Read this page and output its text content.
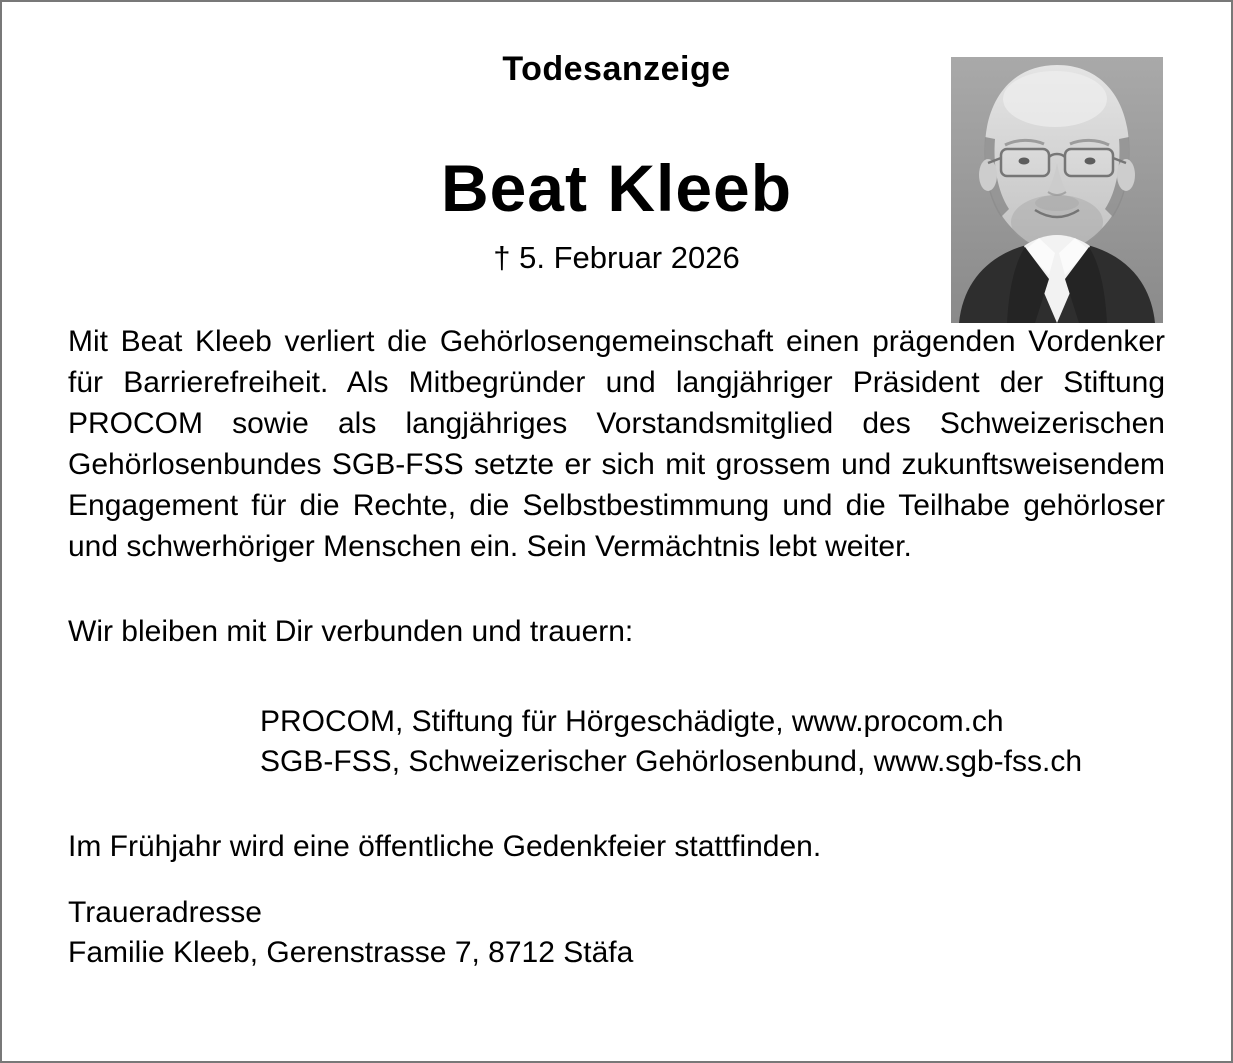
Todesanzeige
Beat Kleeb
† 5. Februar 2026

Mit Beat Kleeb verliert die Gehörlosengemeinschaft einen prägenden Vordenker für Barrierefreiheit. Als Mitbegründer und langjähriger Präsident der Stiftung PROCOM sowie als langjähriges Vorstandsmitglied des Schweizerischen Gehörlosenbundes SGB-FSS setzte er sich mit grossem und zukunftsweisendem Engagement für die Rechte, die Selbstbestimmung und die Teilhabe gehörloser und schwerhöriger Menschen ein. Sein Vermächtnis lebt weiter.

Wir bleiben mit Dir verbunden und trauern:

PROCOM, Stiftung für Hörgeschädigte, www.procom.ch
SGB-FSS, Schweizerischer Gehörlosenbund, www.sgb-fss.ch

Im Frühjahr wird eine öffentliche Gedenkfeier stattfinden.

Traueradresse
Familie Kleeb, Gerenstrasse 7, 8712 Stäfa
